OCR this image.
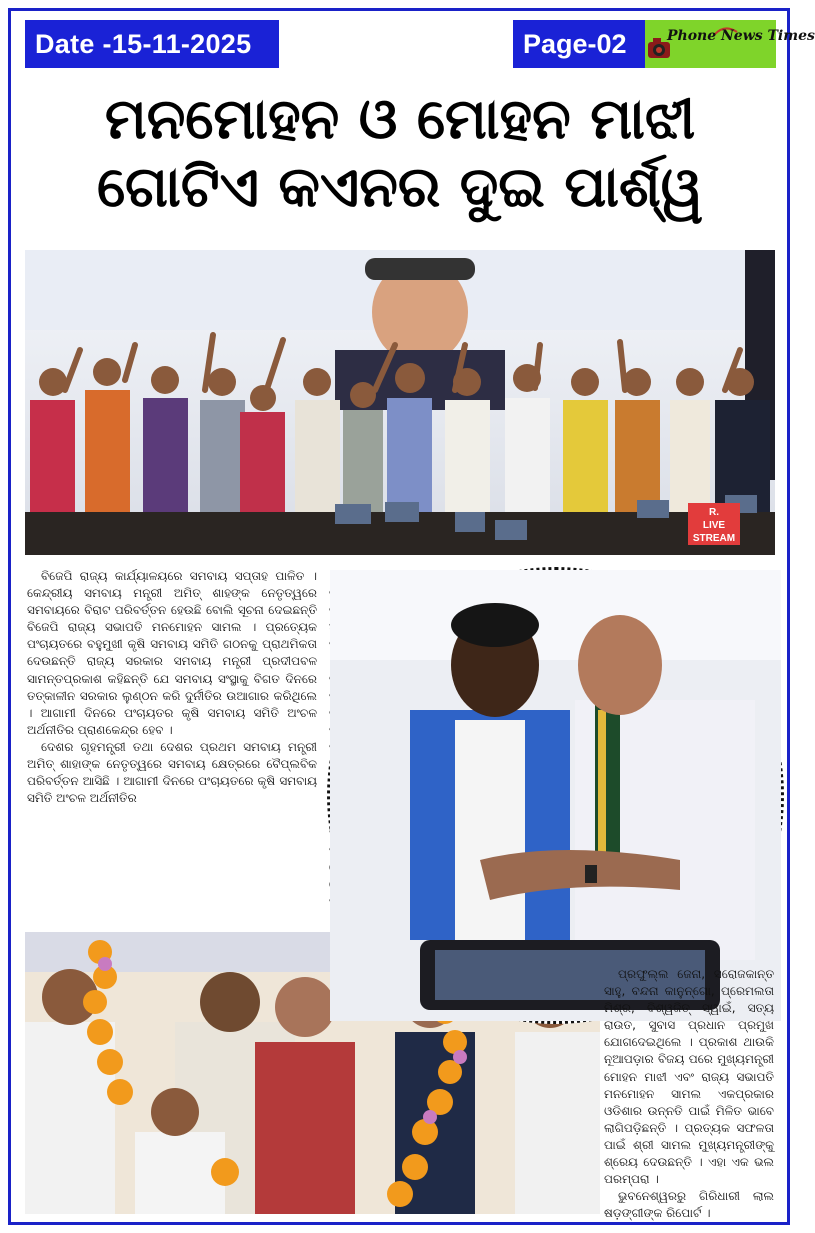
Date -15-11-2025	Page-02	Phone News Times
ମନମୋହନ ଓ ମୋହନ ମାଝୀ
ଗୋଟିଏ କଏନର ଦୁଇ ପାର୍ଶ୍ୱ
R.
LIVE STREAM

ବିଜେପି ରାଜ୍ୟ କାର୍ଯ୍ୟାଳୟରେ ସମବାୟ ସପ୍ତାହ ପାଳିତ । କେନ୍ଦ୍ରୀୟ ସମବାୟ ମନ୍ତ୍ରୀ ଅମିତ୍ ଶାହଙ୍କ ନେତୃତ୍ୱରେ ସମବାୟରେ ବିରାଟ ପରିବର୍ତ୍ତନ ହେଉଛି ବୋଲି ସୂଚନା ଦେଇଛନ୍ତି ବିଜେପି ରାଜ୍ୟ ସଭାପତି ମନମୋହନ ସାମଲ । ପ୍ରତ୍ୟେକ ପଂଚାୟତରେ ବହୁମୁଖୀ କୃଷି ସମବାୟ ସମିତି ଗଠନକୁ ପ୍ରାଥମିକତା ଦେଉଛନ୍ତି ରାଜ୍ୟ ସରକାର ସମବାୟ ମନ୍ତ୍ରୀ ପ୍ରଦୀପବଳ ସାମନ୍ତପ୍ରକାଶ କହିଛନ୍ତି ଯେ ସମବାୟ ସଂସ୍ଥାକୁ ବିଗତ ଦିନରେ ତତ୍କାଳୀନ ସରକାର ଲୁଣ୍ଠନ କରି ଦୁର୍ନୀତିର ଉଆଗାର କରିଥିଲେ । ଆଗାମୀ ଦିନରେ ପଂଚାୟତର କୃଷି ସମବାୟ ସମିତି ଅଂଚଳ ଅର୍ଥନୀତିର ପ୍ରାଣକେନ୍ଦ୍ର ହେବ ।

ଦେଶର ଗୃହମନ୍ତ୍ରୀ ତଥା ଦେଶର ପ୍ରଥମ ସମବାୟ ମନ୍ତ୍ରୀ ଅମିତ୍ ଶାହାଙ୍କ ନେତୃତ୍ୱରେ ସମବାୟ କ୍ଷେତ୍ରରେ ବୈପ୍ଲବିକ ପରିବର୍ତ୍ତନ ଆସିଛି । ଆଗାମୀ ଦିନରେ ପଂଚାୟତରେ କୃଷି ସମବାୟ ସମିତି ଅଂଚଳ ଅର୍ଥନୀତିର

ପ୍ରଫୁଲ୍ଲ ଜେନା, ସରୋଜକାନ୍ତ ସାହୁ, ବନ୍ଦନା କାନୁନ୍‌ଗୋ, ପ୍ରେମଲତା ମିଶ୍ର, ବିଶ୍ୱଜିତ୍ ସ୍ୱାଇଁ, ସତ୍ୟ ରାଉତ, ସୁବାସ ପ୍ରଧାନ ପ୍ରମୁଖ ଯୋଗଦେଇଥିଲେ । ପ୍ରକାଶ ଥାଉକି ନୂଆପଡ଼ାର ବିଜୟ ପରେ ମୁଖ୍ୟମନ୍ତ୍ରୀ ମୋହନ ମାଝୀ ଏବଂ ରାଜ୍ୟ ସଭାପତି ମନମୋହନ ସାମଲ ଏକପ୍ରକାର ଓଡିଶାର ଉନ୍ନତି ପାଇଁ ମିଳିତ ଭାବେ ଲାଗିପଡ଼ିଛନ୍ତି । ପ୍ରତ୍ୟକ ସଫଳତା ପାଇଁ ଶ୍ରୀ ସାମଲ ମୁଖ୍ୟମନ୍ତ୍ରୀଙ୍କୁ ଶ୍ରେୟ ଦେଉଛନ୍ତି । ଏହା ଏକ ଭଲ ପରମ୍ପରା ।

ଭୁବନେଶ୍ୱରରୁ ଗିରିଧାରୀ ଲାଲ ଷଡ଼ଙ୍ଗୀଙ୍କ ରିପୋର୍ଟ ।
